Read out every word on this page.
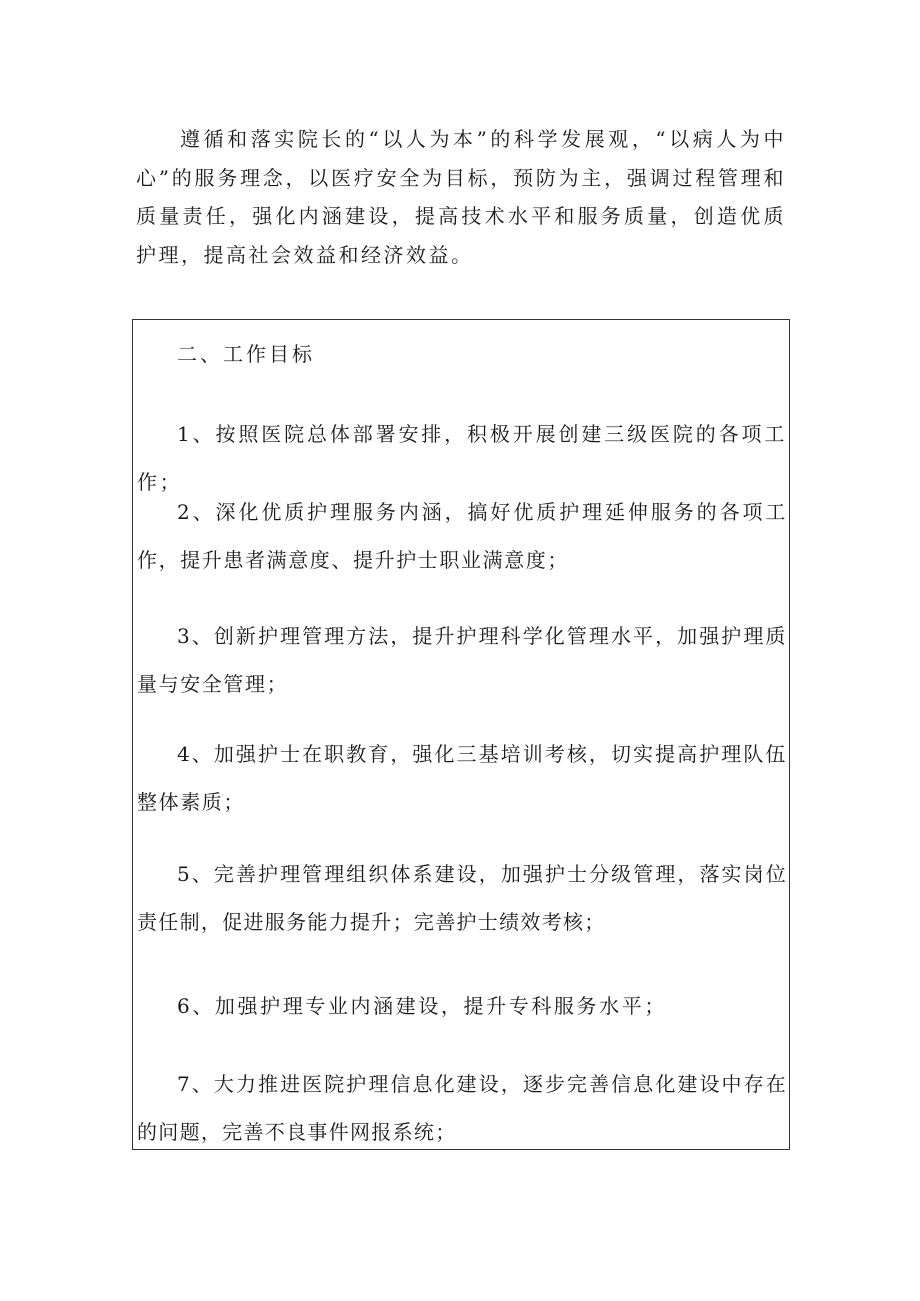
遵循和落实院长的“以人为本”的科学发展观，“以病人为中心”的服务理念，以医疗安全为目标，预防为主，强调过程管理和质量责任，强化内涵建设，提高技术水平和服务质量，创造优质护理，提高社会效益和经济效益。

二、工作目标

1、按照医院总体部署安排，积极开展创建三级医院的各项工作；

2、深化优质护理服务内涵，搞好优质护理延伸服务的各项工作，提升患者满意度、提升护士职业满意度；

3、创新护理管理方法，提升护理科学化管理水平，加强护理质量与安全管理；

4、加强护士在职教育，强化三基培训考核，切实提高护理队伍整体素质；

5、完善护理管理组织体系建设，加强护士分级管理，落实岗位责任制，促进服务能力提升；完善护士绩效考核；

6、加强护理专业内涵建设，提升专科服务水平；

7、大力推进医院护理信息化建设，逐步完善信息化建设中存在的问题，完善不良事件网报系统；
